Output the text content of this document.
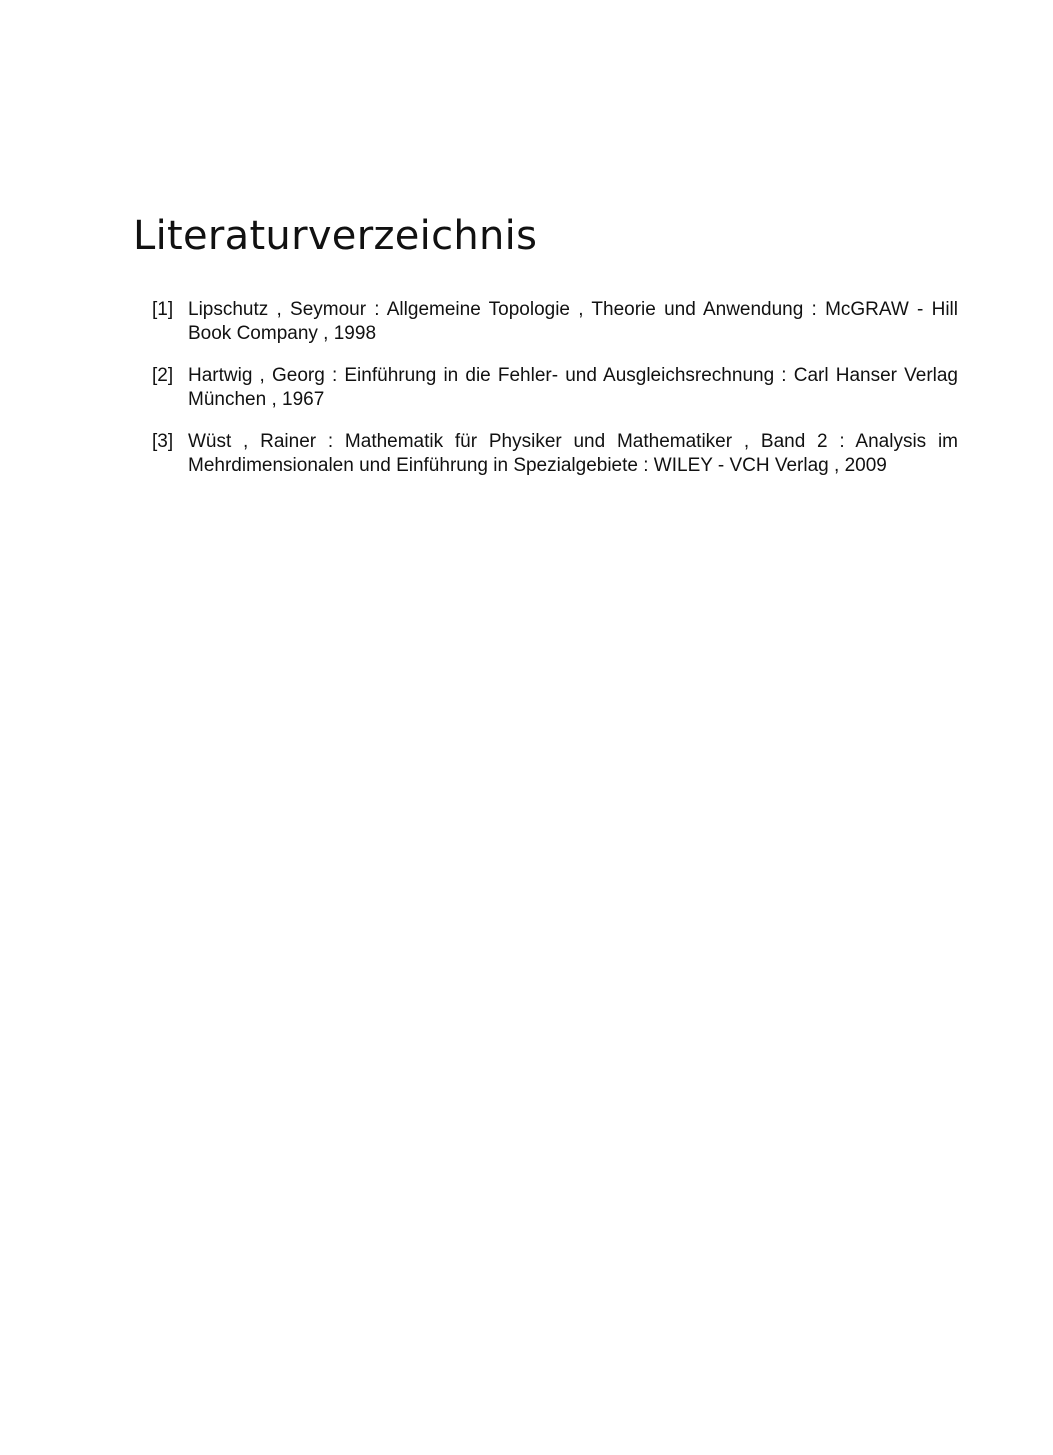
Literaturverzeichnis
[1] Lipschutz , Seymour : Allgemeine Topologie , Theorie und Anwendung : McGRAW - Hill Book Company , 1998
[2] Hartwig , Georg : Einführung in die Fehler- und Ausgleichsrechnung : Carl Hanser Verlag München , 1967
[3] Wüst , Rainer : Mathematik für Physiker und Mathematiker , Band 2 : Analysis im Mehrdimensionalen und Einführung in Spezialgebiete : WILEY - VCH Verlag , 2009
